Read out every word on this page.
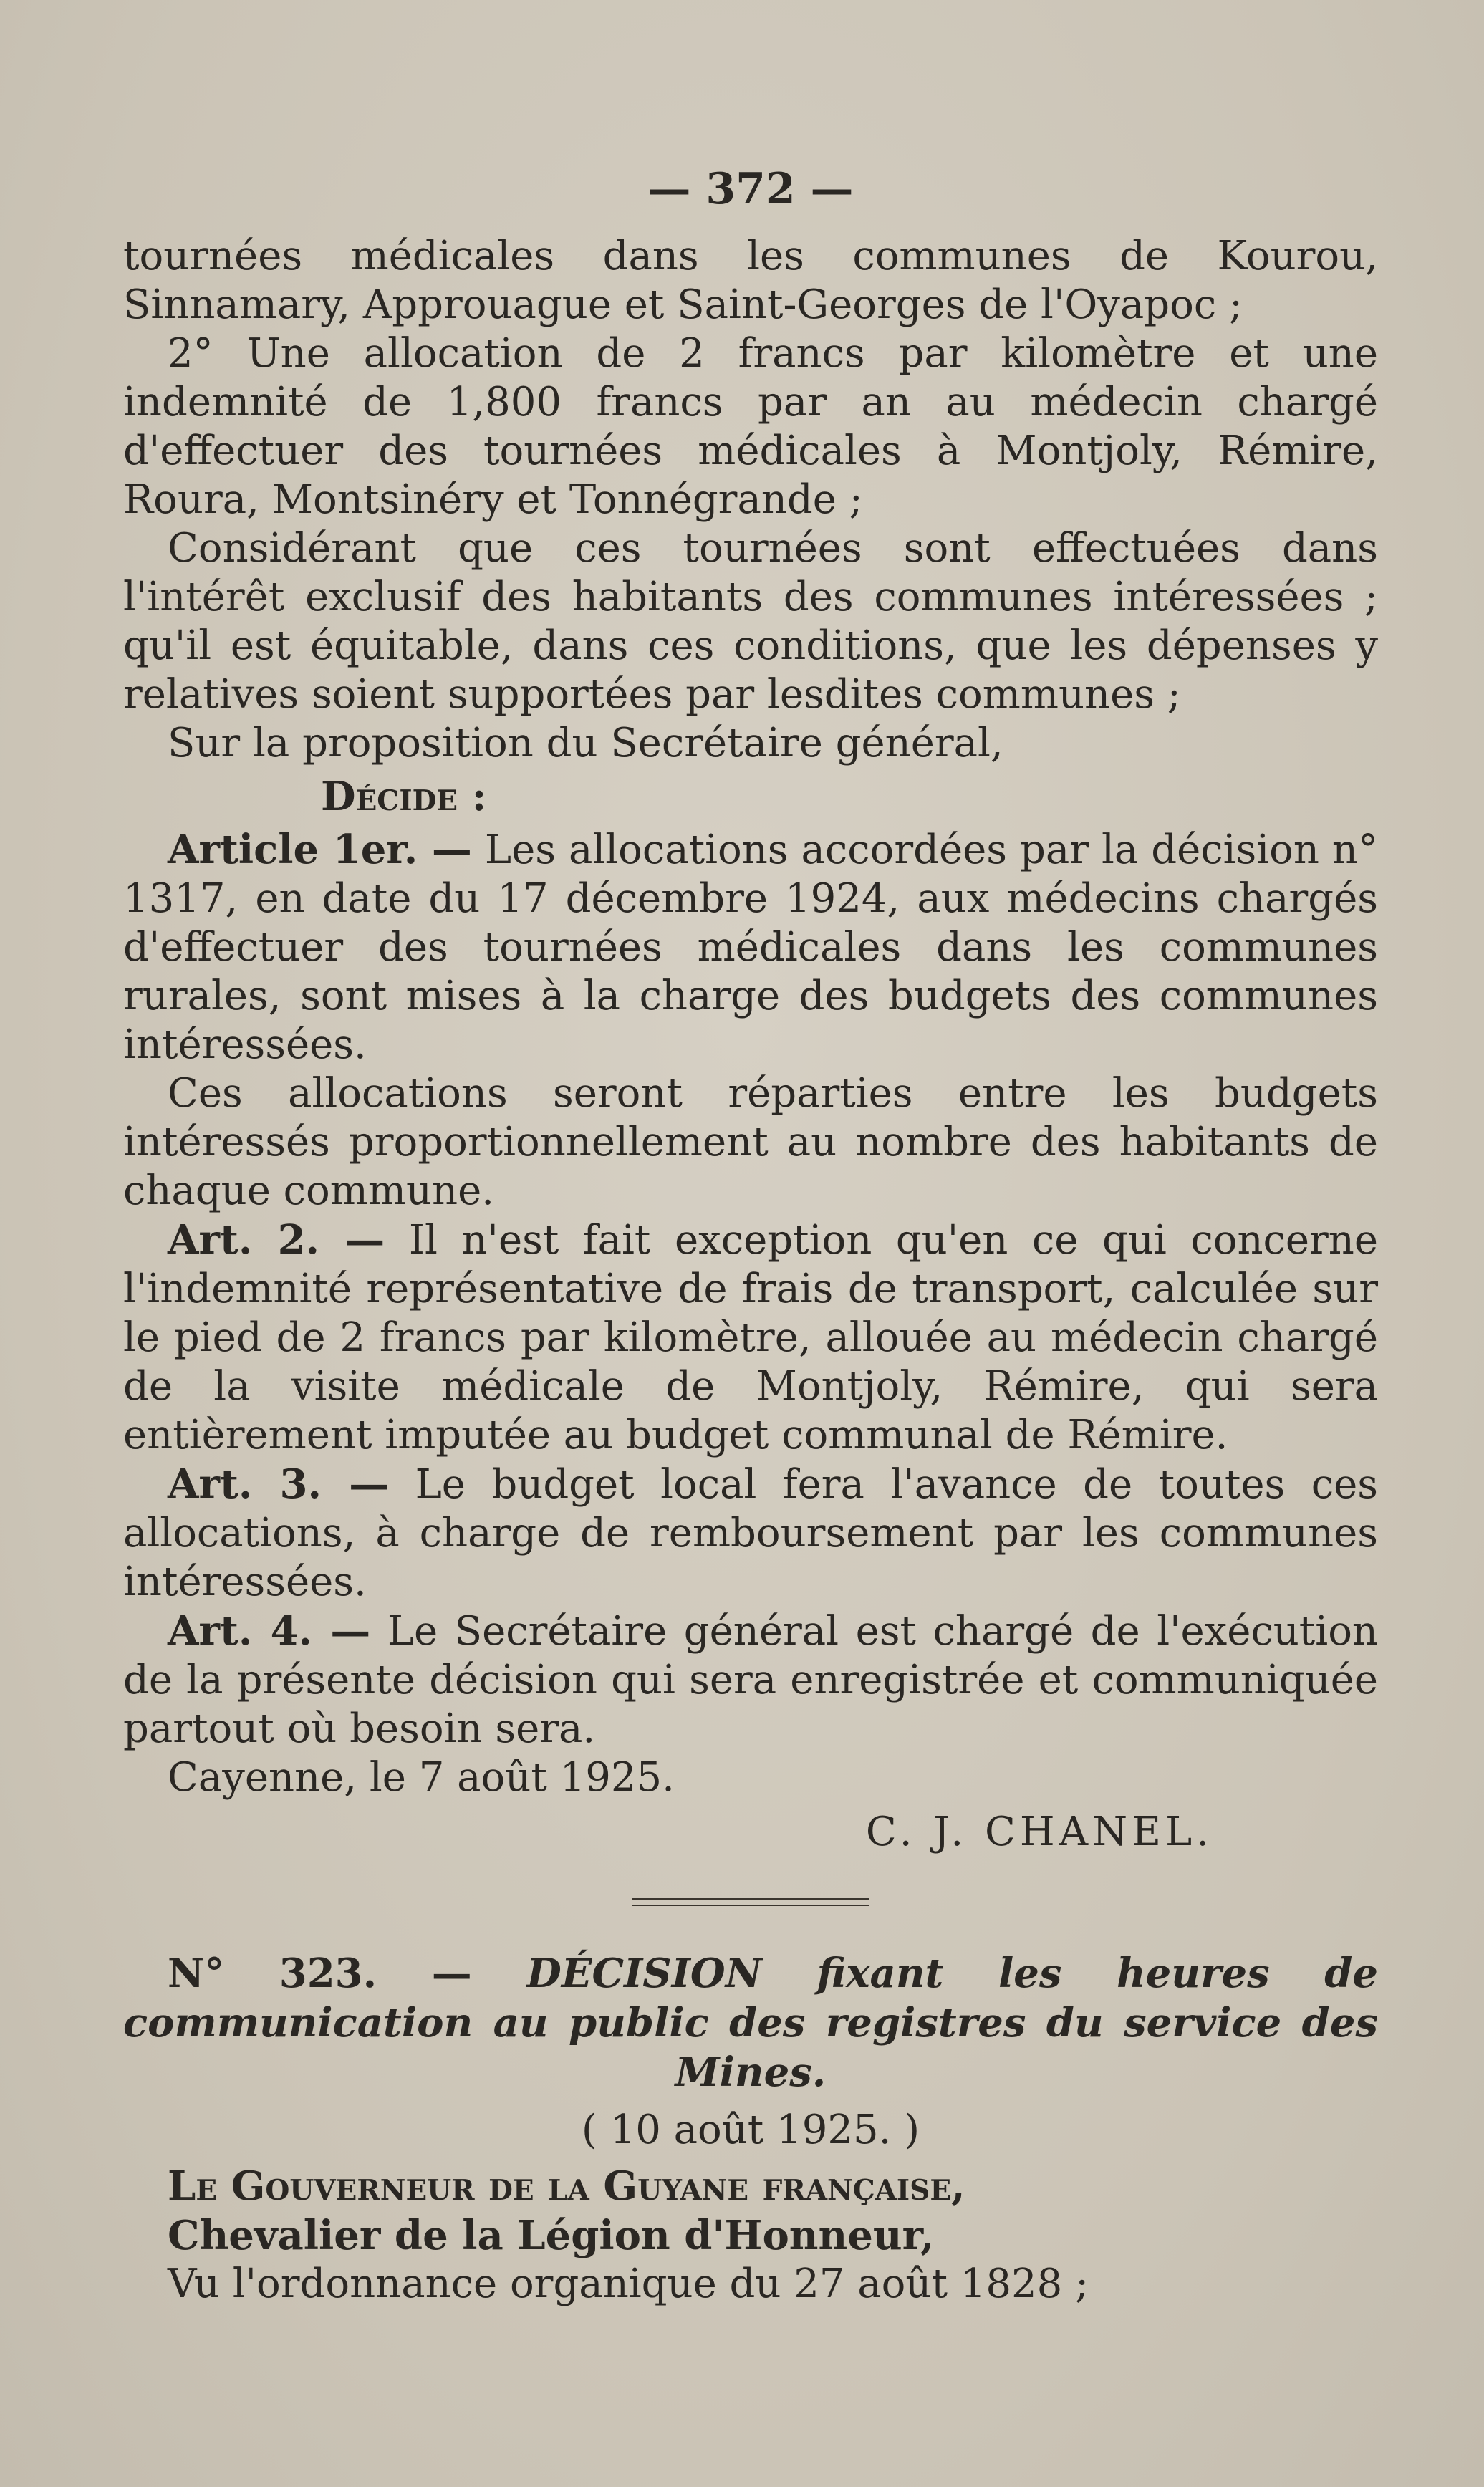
— 372 —

tournées médicales dans les communes de Kourou, Sinnamary, Approuague et Saint-Georges de l'Oyapoc ;

2° Une allocation de 2 francs par kilomètre et une indemnité de 1,800 francs par an au médecin chargé d'effectuer des tournées médicales à Montjoly, Rémire, Roura, Montsinéry et Tonnégrande ;

Considérant que ces tournées sont effectuées dans l'intérêt exclusif des habitants des communes intéressées ; qu'il est équitable, dans ces conditions, que les dépenses y relatives soient supportées par lesdites communes ;

Sur la proposition du Secrétaire général,

Décide :

Article 1er. — Les allocations accordées par la décision n° 1317, en date du 17 décembre 1924, aux médecins chargés d'effectuer des tournées médicales dans les communes rurales, sont mises à la charge des budgets des communes intéressées.

Ces allocations seront réparties entre les budgets intéressés proportionnellement au nombre des habitants de chaque commune.

Art. 2. — Il n'est fait exception qu'en ce qui concerne l'indemnité représentative de frais de transport, calculée sur le pied de 2 francs par kilomètre, allouée au médecin chargé de la visite médicale de Montjoly, Rémire, qui sera entièrement imputée au budget communal de Rémire.

Art. 3. — Le budget local fera l'avance de toutes ces allocations, à charge de remboursement par les communes intéressées.

Art. 4. — Le Secrétaire général est chargé de l'exécution de la présente décision qui sera enregistrée et communiquée partout où besoin sera.

Cayenne, le 7 août 1925.

C. J. CHANEL.

N° 323. — DÉCISION fixant les heures de communication au public des registres du service des Mines.

( 10 août 1925. )

Le Gouverneur de la Guyane française,

Chevalier de la Légion d'Honneur,

Vu l'ordonnance organique du 27 août 1828 ;
